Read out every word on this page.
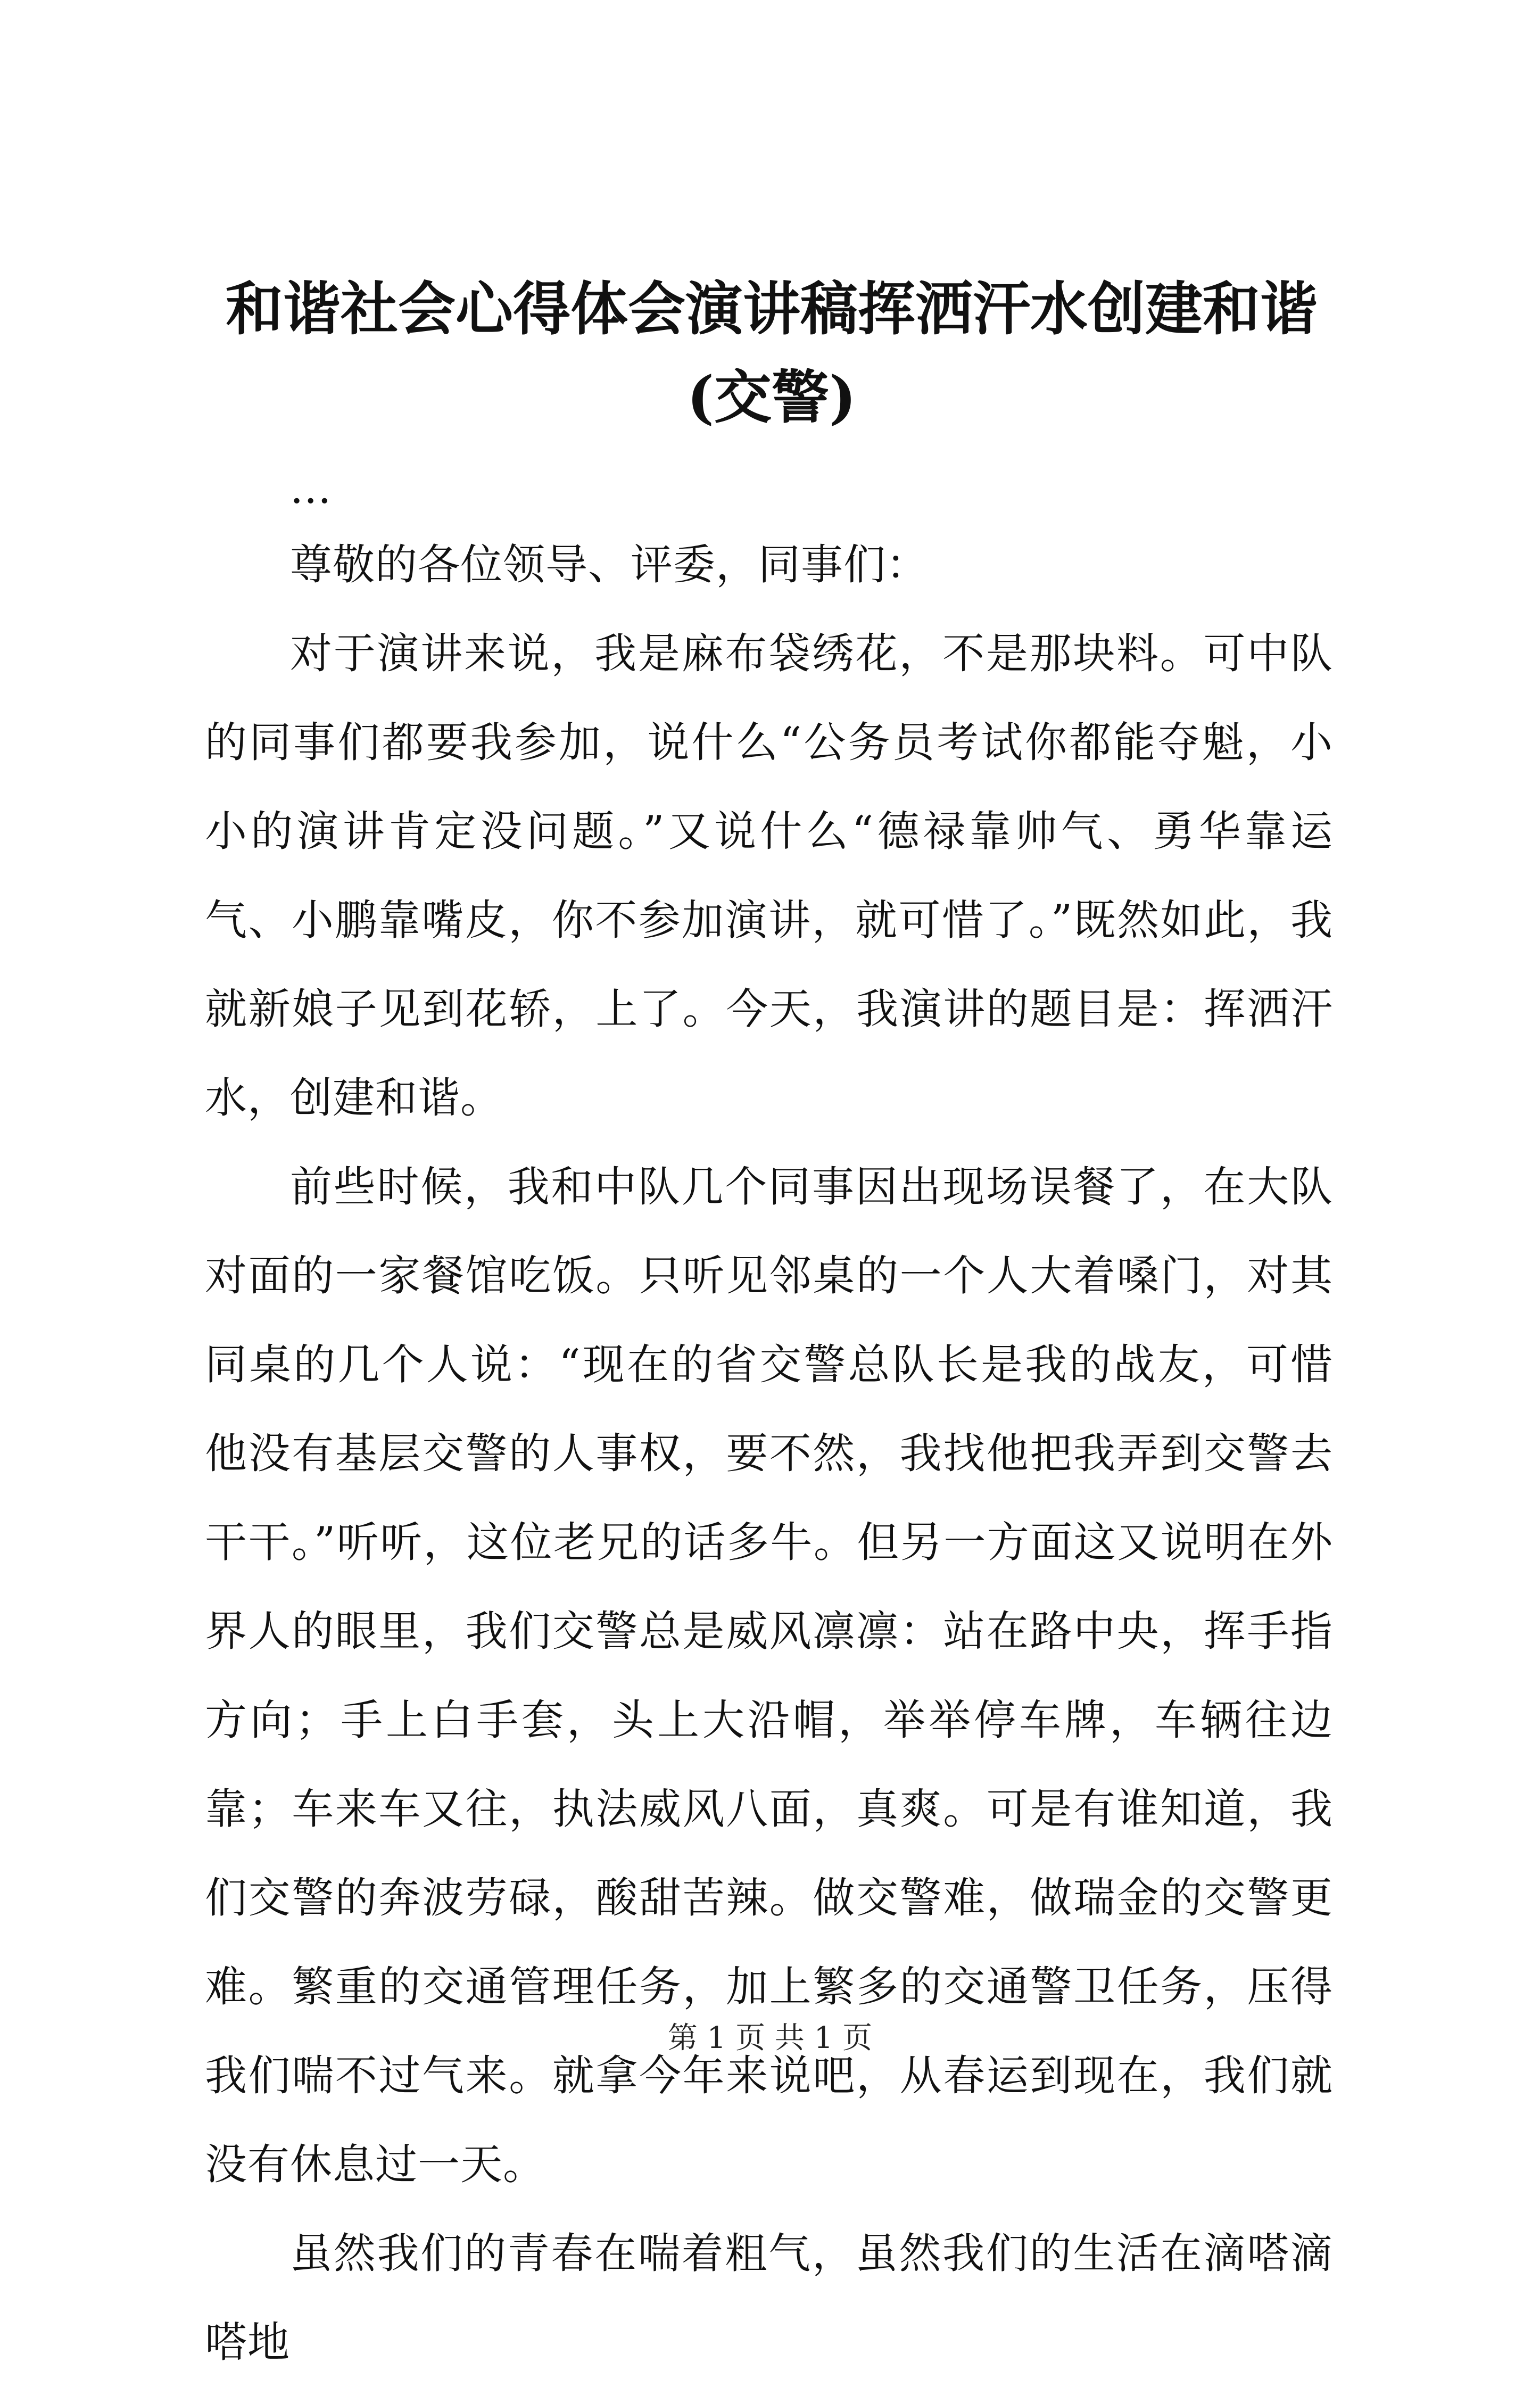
和谐社会心得体会演讲稿挥洒汗水创建和谐(交警)

...

尊敬的各位领导、评委，同事们：

对于演讲来说，我是麻布袋绣花，不是那块料。可中队的同事们都要我参加，说什么“公务员考试你都能夺魁，小小的演讲肯定没问题。”又说什么“德禄靠帅气、勇华靠运气、小鹏靠嘴皮，你不参加演讲，就可惜了。”既然如此，我就新娘子见到花轿，上了。今天，我演讲的题目是：挥洒汗水，创建和谐。

前些时候，我和中队几个同事因出现场误餐了，在大队对面的一家餐馆吃饭。只听见邻桌的一个人大着嗓门，对其同桌的几个人说：“现在的省交警总队长是我的战友，可惜他没有基层交警的人事权，要不然，我找他把我弄到交警去干干。”听听，这位老兄的话多牛。但另一方面这又说明在外界人的眼里，我们交警总是威风凛凛：站在路中央，挥手指方向；手上白手套，头上大沿帽，举举停车牌，车辆往边靠；车来车又往，执法威风八面，真爽。可是有谁知道，我们交警的奔波劳碌，酸甜苦辣。做交警难，做瑞金的交警更难。繁重的交通管理任务，加上繁多的交通警卫任务，压得我们喘不过气来。就拿今年来说吧，从春运到现在，我们就没有休息过一天。

虽然我们的青春在喘着粗气，虽然我们的生活在滴嗒滴嗒地

第 1 页 共 1 页
